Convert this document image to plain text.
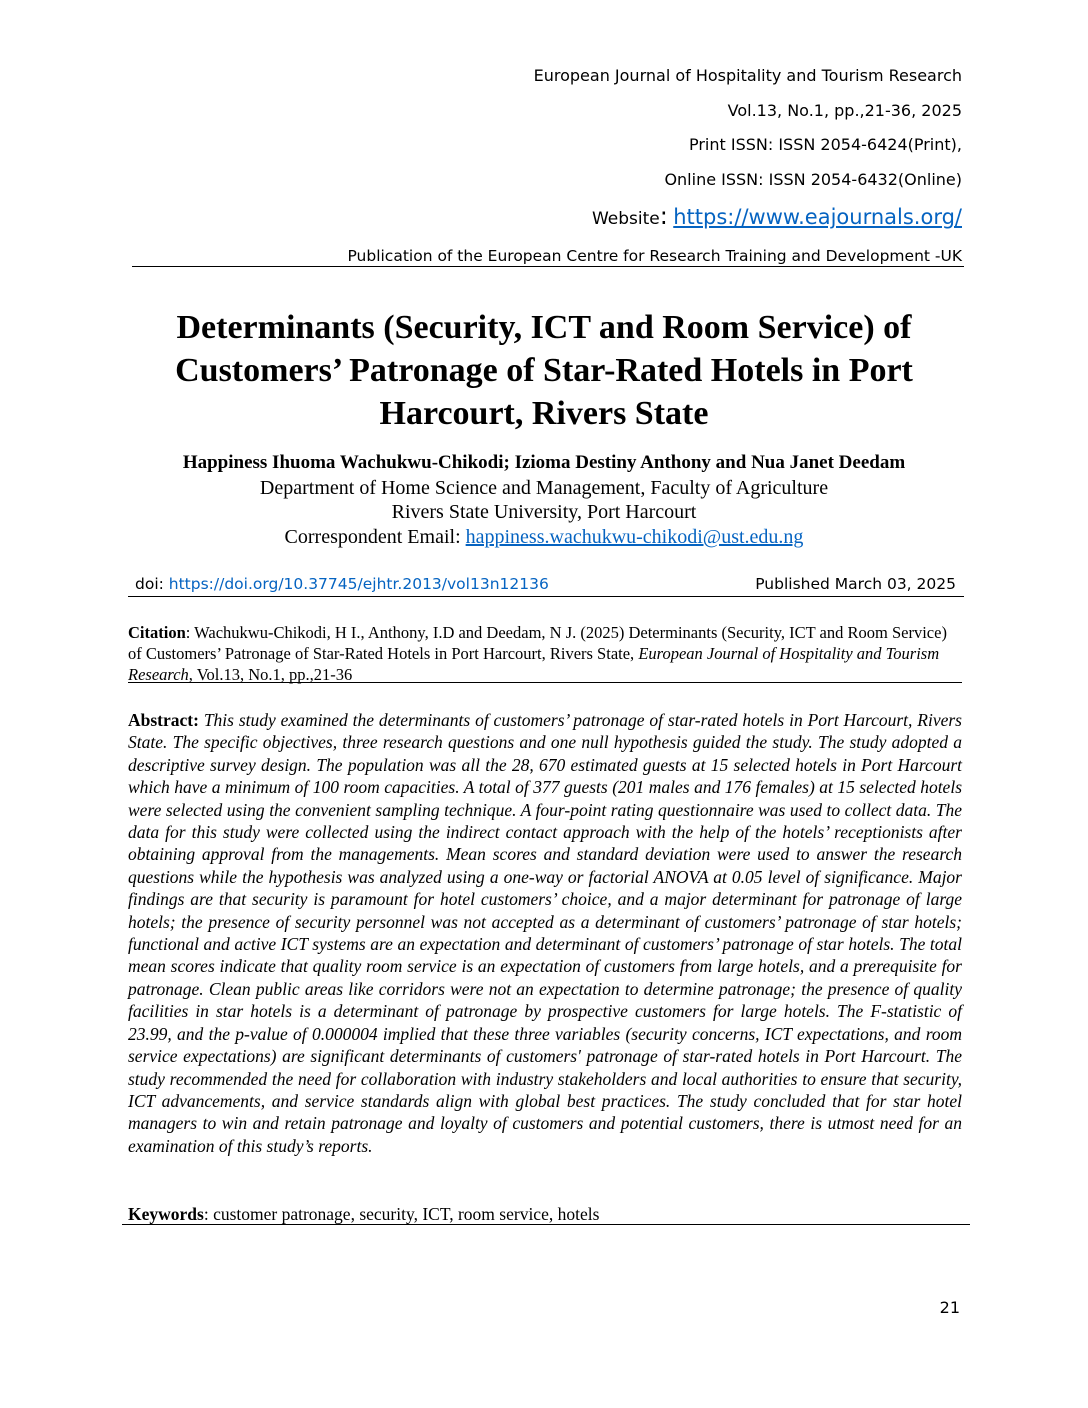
European Journal of Hospitality and Tourism Research
Vol.13, No.1, pp.,21-36, 2025
Print ISSN: ISSN 2054-6424(Print),
Online ISSN: ISSN 2054-6432(Online)
Website: https://www.eajournals.org/
Publication of the European Centre for Research Training and Development -UK
Determinants (Security, ICT and Room Service) of Customers’ Patronage of Star-Rated Hotels in Port Harcourt, Rivers State
Happiness Ihuoma Wachukwu-Chikodi; Izioma Destiny Anthony and Nua Janet Deedam
Department of Home Science and Management, Faculty of Agriculture
Rivers State University, Port Harcourt
Correspondent Email: happiness.wachukwu-chikodi@ust.edu.ng
doi: https://doi.org/10.37745/ejhtr.2013/vol13n12136	Published March 03, 2025
Citation: Wachukwu-Chikodi, H I., Anthony, I.D and Deedam, N J. (2025) Determinants (Security, ICT and Room Service) of Customers’ Patronage of Star-Rated Hotels in Port Harcourt, Rivers State, European Journal of Hospitality and Tourism Research, Vol.13, No.1, pp.,21-36
Abstract: This study examined the determinants of customers’ patronage of star-rated hotels in Port Harcourt, Rivers State. The specific objectives, three research questions and one null hypothesis guided the study. The study adopted a descriptive survey design. The population was all the 28, 670 estimated guests at 15 selected hotels in Port Harcourt which have a minimum of 100 room capacities. A total of 377 guests (201 males and 176 females) at 15 selected hotels were selected using the convenient sampling technique. A four-point rating questionnaire was used to collect data. The data for this study were collected using the indirect contact approach with the help of the hotels’ receptionists after obtaining approval from the managements. Mean scores and standard deviation were used to answer the research questions while the hypothesis was analyzed using a one-way or factorial ANOVA at 0.05 level of significance. Major findings are that security is paramount for hotel customers’ choice, and a major determinant for patronage of large hotels; the presence of security personnel was not accepted as a determinant of customers’ patronage of star hotels; functional and active ICT systems are an expectation and determinant of customers’ patronage of star hotels. The total mean scores indicate that quality room service is an expectation of customers from large hotels, and a prerequisite for patronage. Clean public areas like corridors were not an expectation to determine patronage; the presence of quality facilities in star hotels is a determinant of patronage by prospective customers for large hotels. The F-statistic of 23.99, and the p-value of 0.000004 implied that these three variables (security concerns, ICT expectations, and room service expectations) are significant determinants of customers' patronage of star-rated hotels in Port Harcourt. The study recommended the need for collaboration with industry stakeholders and local authorities to ensure that security, ICT advancements, and service standards align with global best practices. The study concluded that for star hotel managers to win and retain patronage and loyalty of customers and potential customers, there is utmost need for an examination of this study’s reports.
Keywords: customer patronage, security, ICT, room service, hotels
21
